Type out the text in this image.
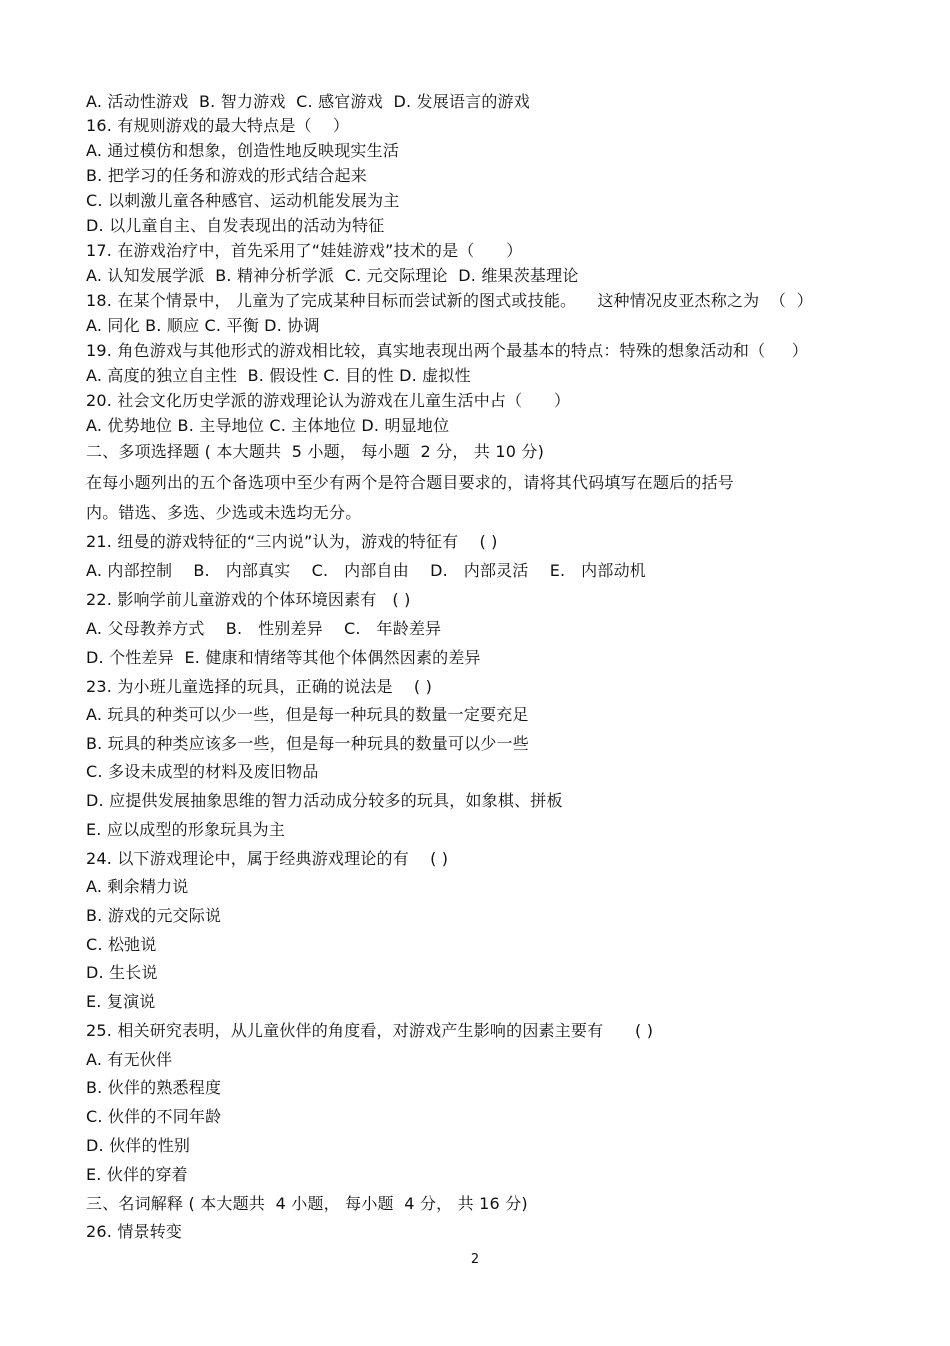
A. 活动性游戏  B. 智力游戏  C. 感官游戏  D. 发展语言的游戏
16. 有规则游戏的最大特点是（    ）
A. 通过模仿和想象，创造性地反映现实生活
B. 把学习的任务和游戏的形式结合起来
C. 以刺激儿童各种感官、运动机能发展为主
D. 以儿童自主、自发表现出的活动为特征
17. 在游戏治疗中，首先采用了“娃娃游戏”技术的是（      ）
A. 认知发展学派  B. 精神分析学派  C. 元交际理论  D. 维果茨基理论
18. 在某个情景中， 儿童为了完成某种目标而尝试新的图式或技能。    这种情况皮亚杰称之为  （  ）
A. 同化 B. 顺应 C. 平衡 D. 协调
19. 角色游戏与其他形式的游戏相比较，真实地表现出两个最基本的特点：特殊的想象活动和（     ）
A. 高度的独立自主性  B. 假设性 C. 目的性 D. 虚拟性
20. 社会文化历史学派的游戏理论认为游戏在儿童生活中占（      ）
A. 优势地位 B. 主导地位 C. 主体地位 D. 明显地位
二、多项选择题 ( 本大题共  5 小题， 每小题  2 分， 共 10 分)
在每小题列出的五个备选项中至少有两个是符合题目要求的，请将其代码填写在题后的括号
内。错选、多选、少选或未选均无分。
21. 纽曼的游戏特征的“三内说”认为，游戏的特征有    ( )
A. 内部控制    B.   内部真实    C.   内部自由    D.   内部灵活    E.   内部动机
22. 影响学前儿童游戏的个体环境因素有   ( )
A. 父母教养方式    B.   性别差异    C.   年龄差异
D. 个性差异  E. 健康和情绪等其他个体偶然因素的差异
23. 为小班儿童选择的玩具，正确的说法是    ( )
A. 玩具的种类可以少一些，但是每一种玩具的数量一定要充足
B. 玩具的种类应该多一些，但是每一种玩具的数量可以少一些
C. 多设未成型的材料及废旧物品
D. 应提供发展抽象思维的智力活动成分较多的玩具，如象棋、拼板
E. 应以成型的形象玩具为主
24. 以下游戏理论中，属于经典游戏理论的有    ( )
A. 剩余精力说
B. 游戏的元交际说
C. 松弛说
D. 生长说
E. 复演说
25. 相关研究表明，从儿童伙伴的角度看，对游戏产生影响的因素主要有      ( )
A. 有无伙伴
B. 伙伴的熟悉程度
C. 伙伴的不同年龄
D. 伙伴的性别
E. 伙伴的穿着
三、名词解释 ( 本大题共  4 小题， 每小题  4 分， 共 16 分)
26. 情景转变
2
